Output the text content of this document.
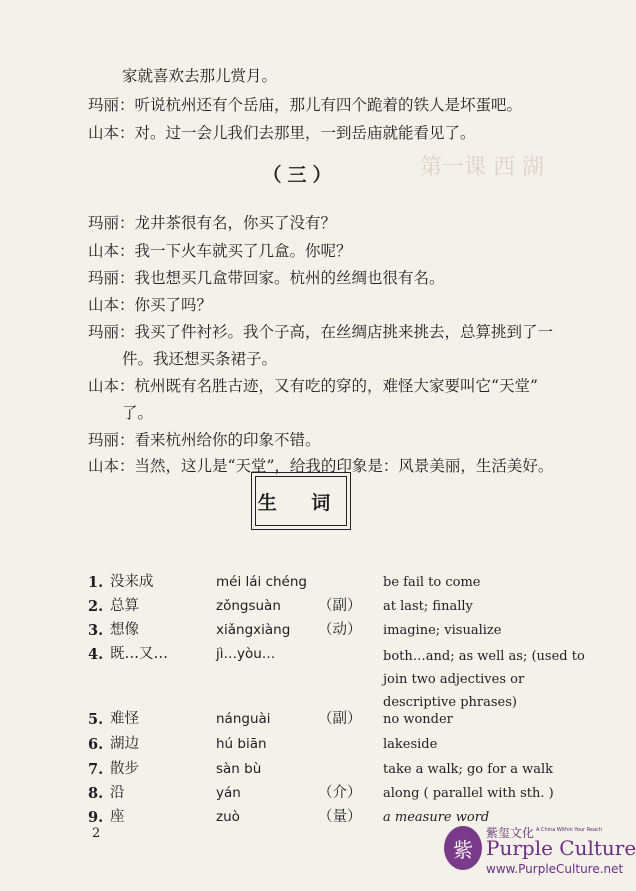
第一课 西 湖
家就喜欢去那儿赏月。
玛丽：听说杭州还有个岳庙，那儿有四个跪着的铁人是坏蛋吧。
山本：对。过一会儿我们去那里，一到岳庙就能看见了。
（三）
玛丽：龙井茶很有名，你买了没有？
山本：我一下火车就买了几盒。你呢？
玛丽：我也想买几盒带回家。杭州的丝绸也很有名。
山本：你买了吗？
玛丽：我买了件衬衫。我个子高，在丝绸店挑来挑去，总算挑到了一
件。我还想买条裙子。
山本：杭州既有名胜古迹，又有吃的穿的，难怪大家要叫它“天堂”
了。
玛丽：看来杭州给你的印象不错。
山本：当然，这儿是“天堂”，给我的印象是：风景美丽，生活美好。
生 词
1. 没来成	méi lái chéng	be fail to come
2. 总算	zǒngsuàn	（副） at last; finally
3. 想像	xiǎngxiàng （动） imagine; visualize
4. 既…又…	jì…yòu…	both…and; as well as; (used to join two adjectives or descriptive phrases)
5. 难怪	nánguài	（副） no wonder
6. 湖边	hú biān	lakeside
7. 散步	sàn bù	take a walk; go for a walk
8. 沿	yán	（介） along ( parallel with sth. )
9. 座	zuò	（量） a measure word
2
紫
紫玺文化 A China Within Your Reach
Purple Culture
www.PurpleCulture.net
